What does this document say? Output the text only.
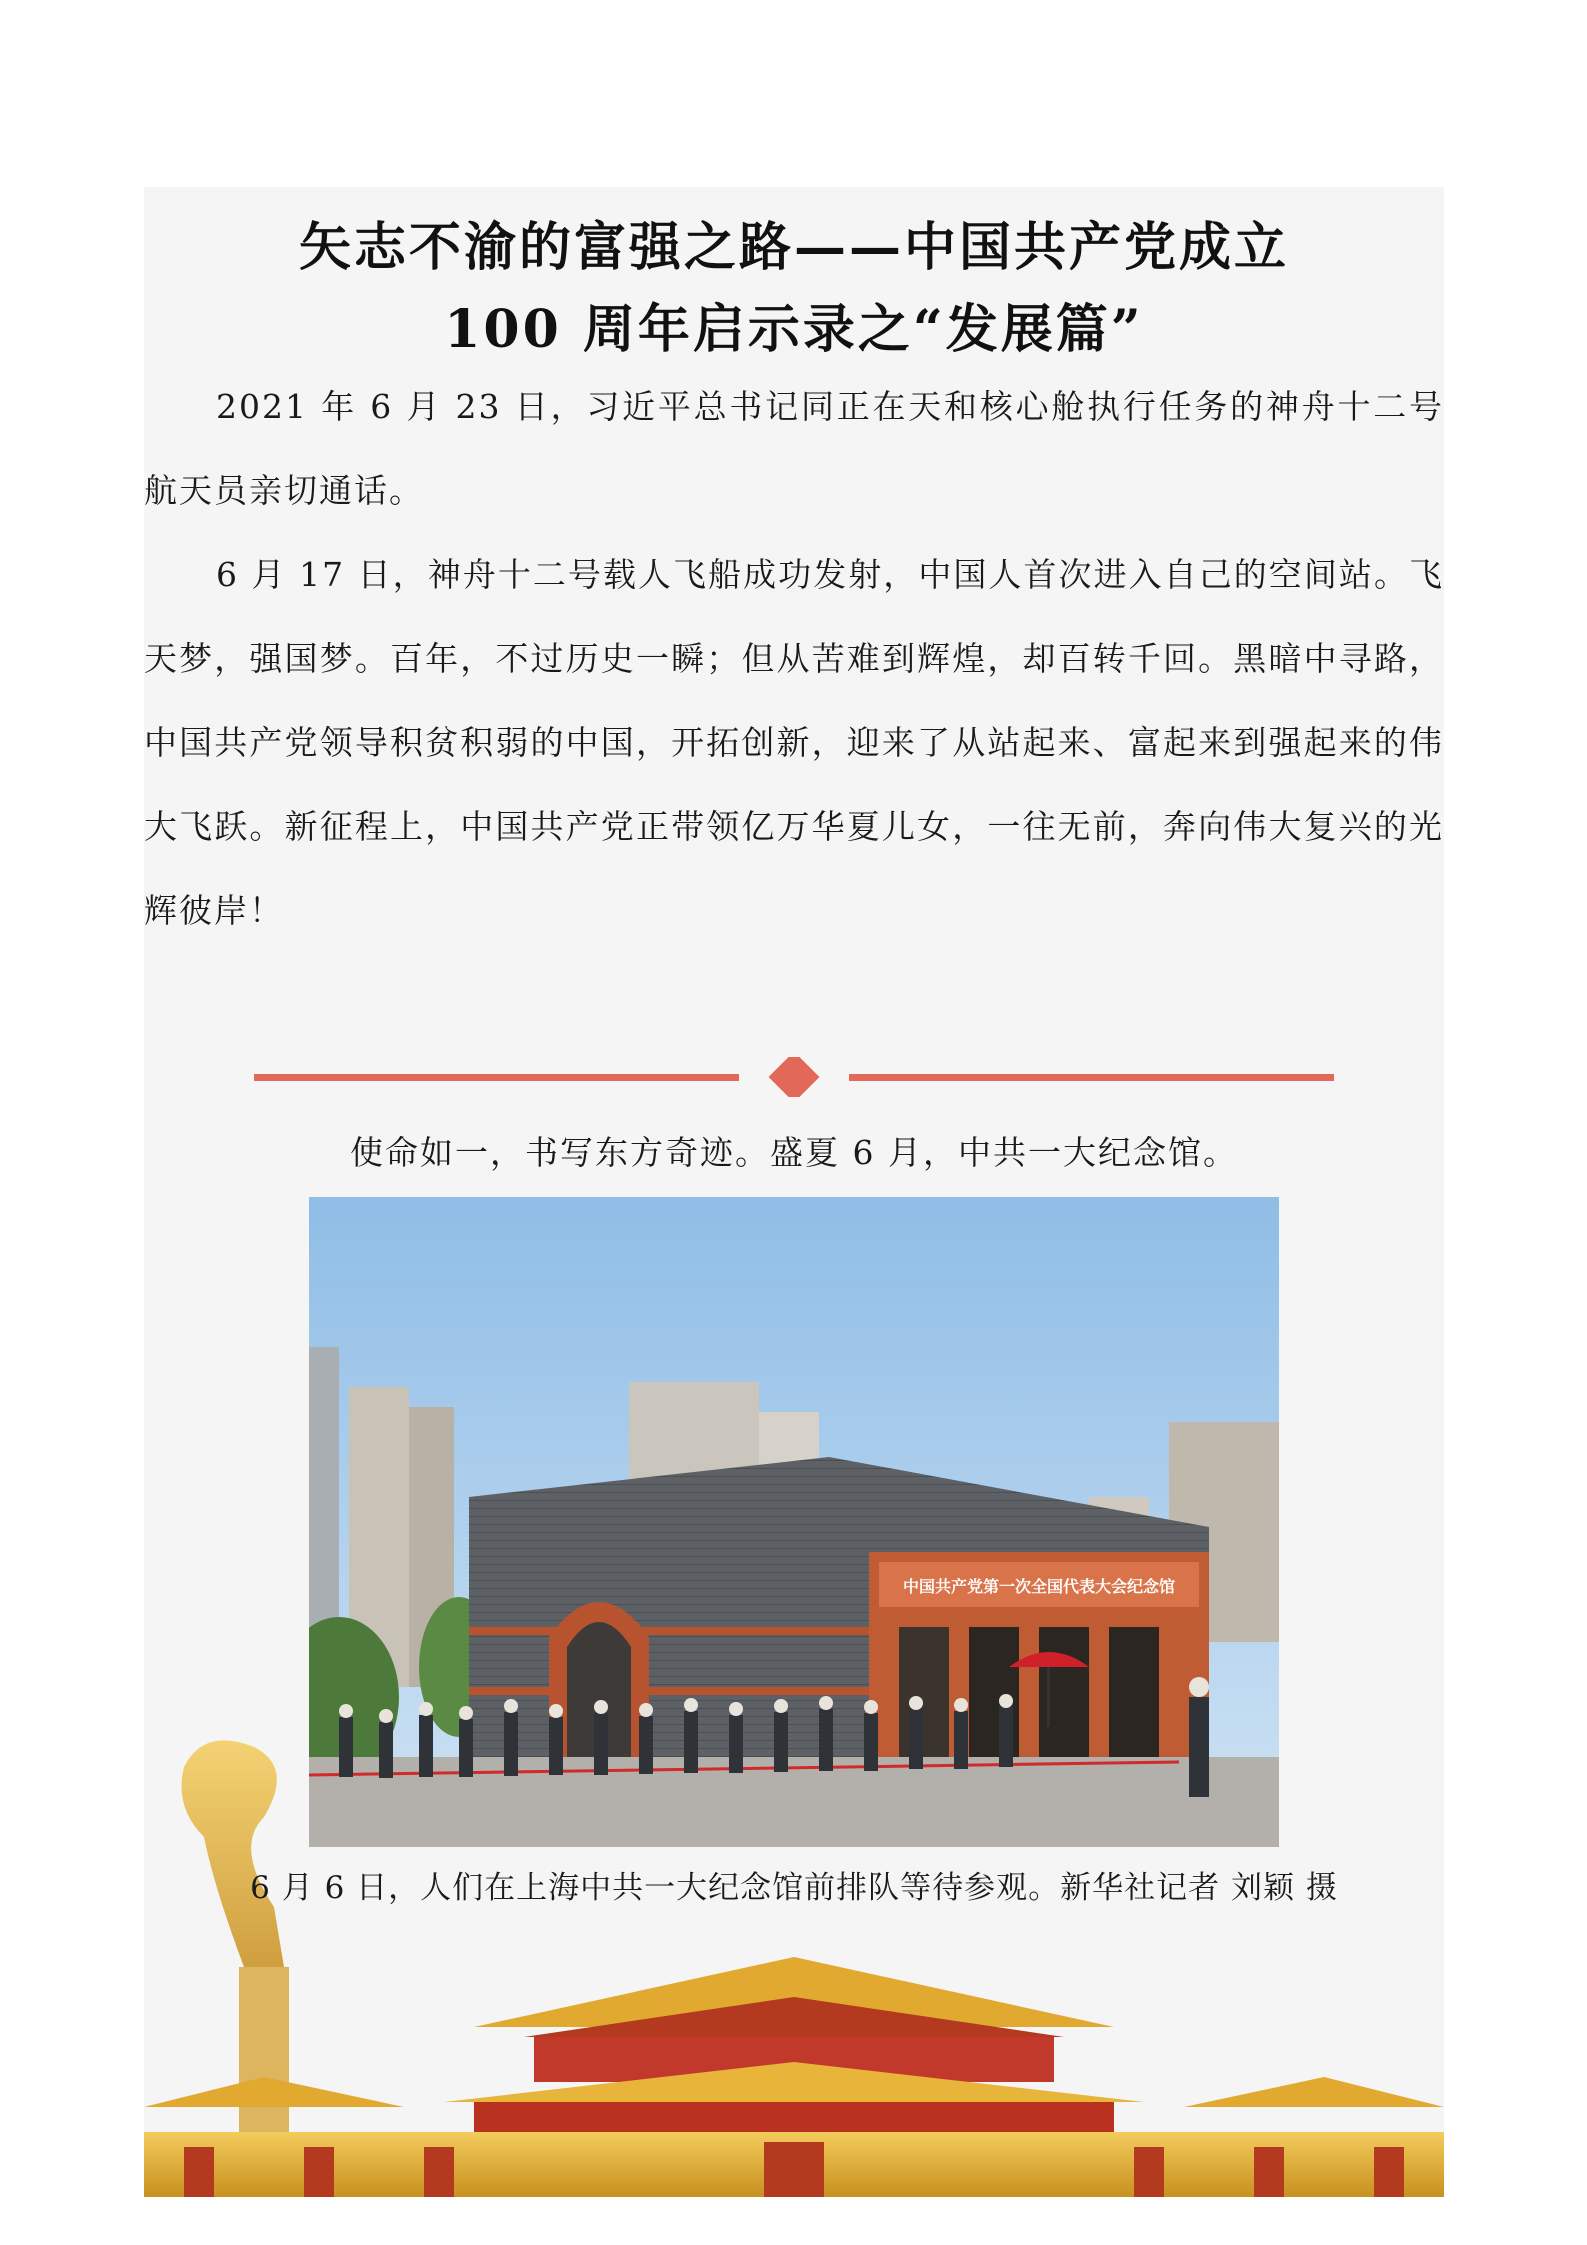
矢志不渝的富强之路——中国共产党成立
100 周年启示录之“发展篇”

2021 年 6 月 23 日，习近平总书记同正在天和核心舱执行任务的神舟十二号航天员亲切通话。

6 月 17 日，神舟十二号载人飞船成功发射，中国人首次进入自己的空间站。飞天梦，强国梦。百年，不过历史一瞬；但从苦难到辉煌，却百转千回。黑暗中寻路，中国共产党领导积贫积弱的中国，开拓创新，迎来了从站起来、富起来到强起来的伟大飞跃。新征程上，中国共产党正带领亿万华夏儿女，一往无前，奔向伟大复兴的光辉彼岸！

使命如一，书写东方奇迹。盛夏 6 月，中共一大纪念馆。
中国共产党第一次全国代表大会纪念馆
6 月 6 日，人们在上海中共一大纪念馆前排队等待参观。新华社记者 刘颖 摄
